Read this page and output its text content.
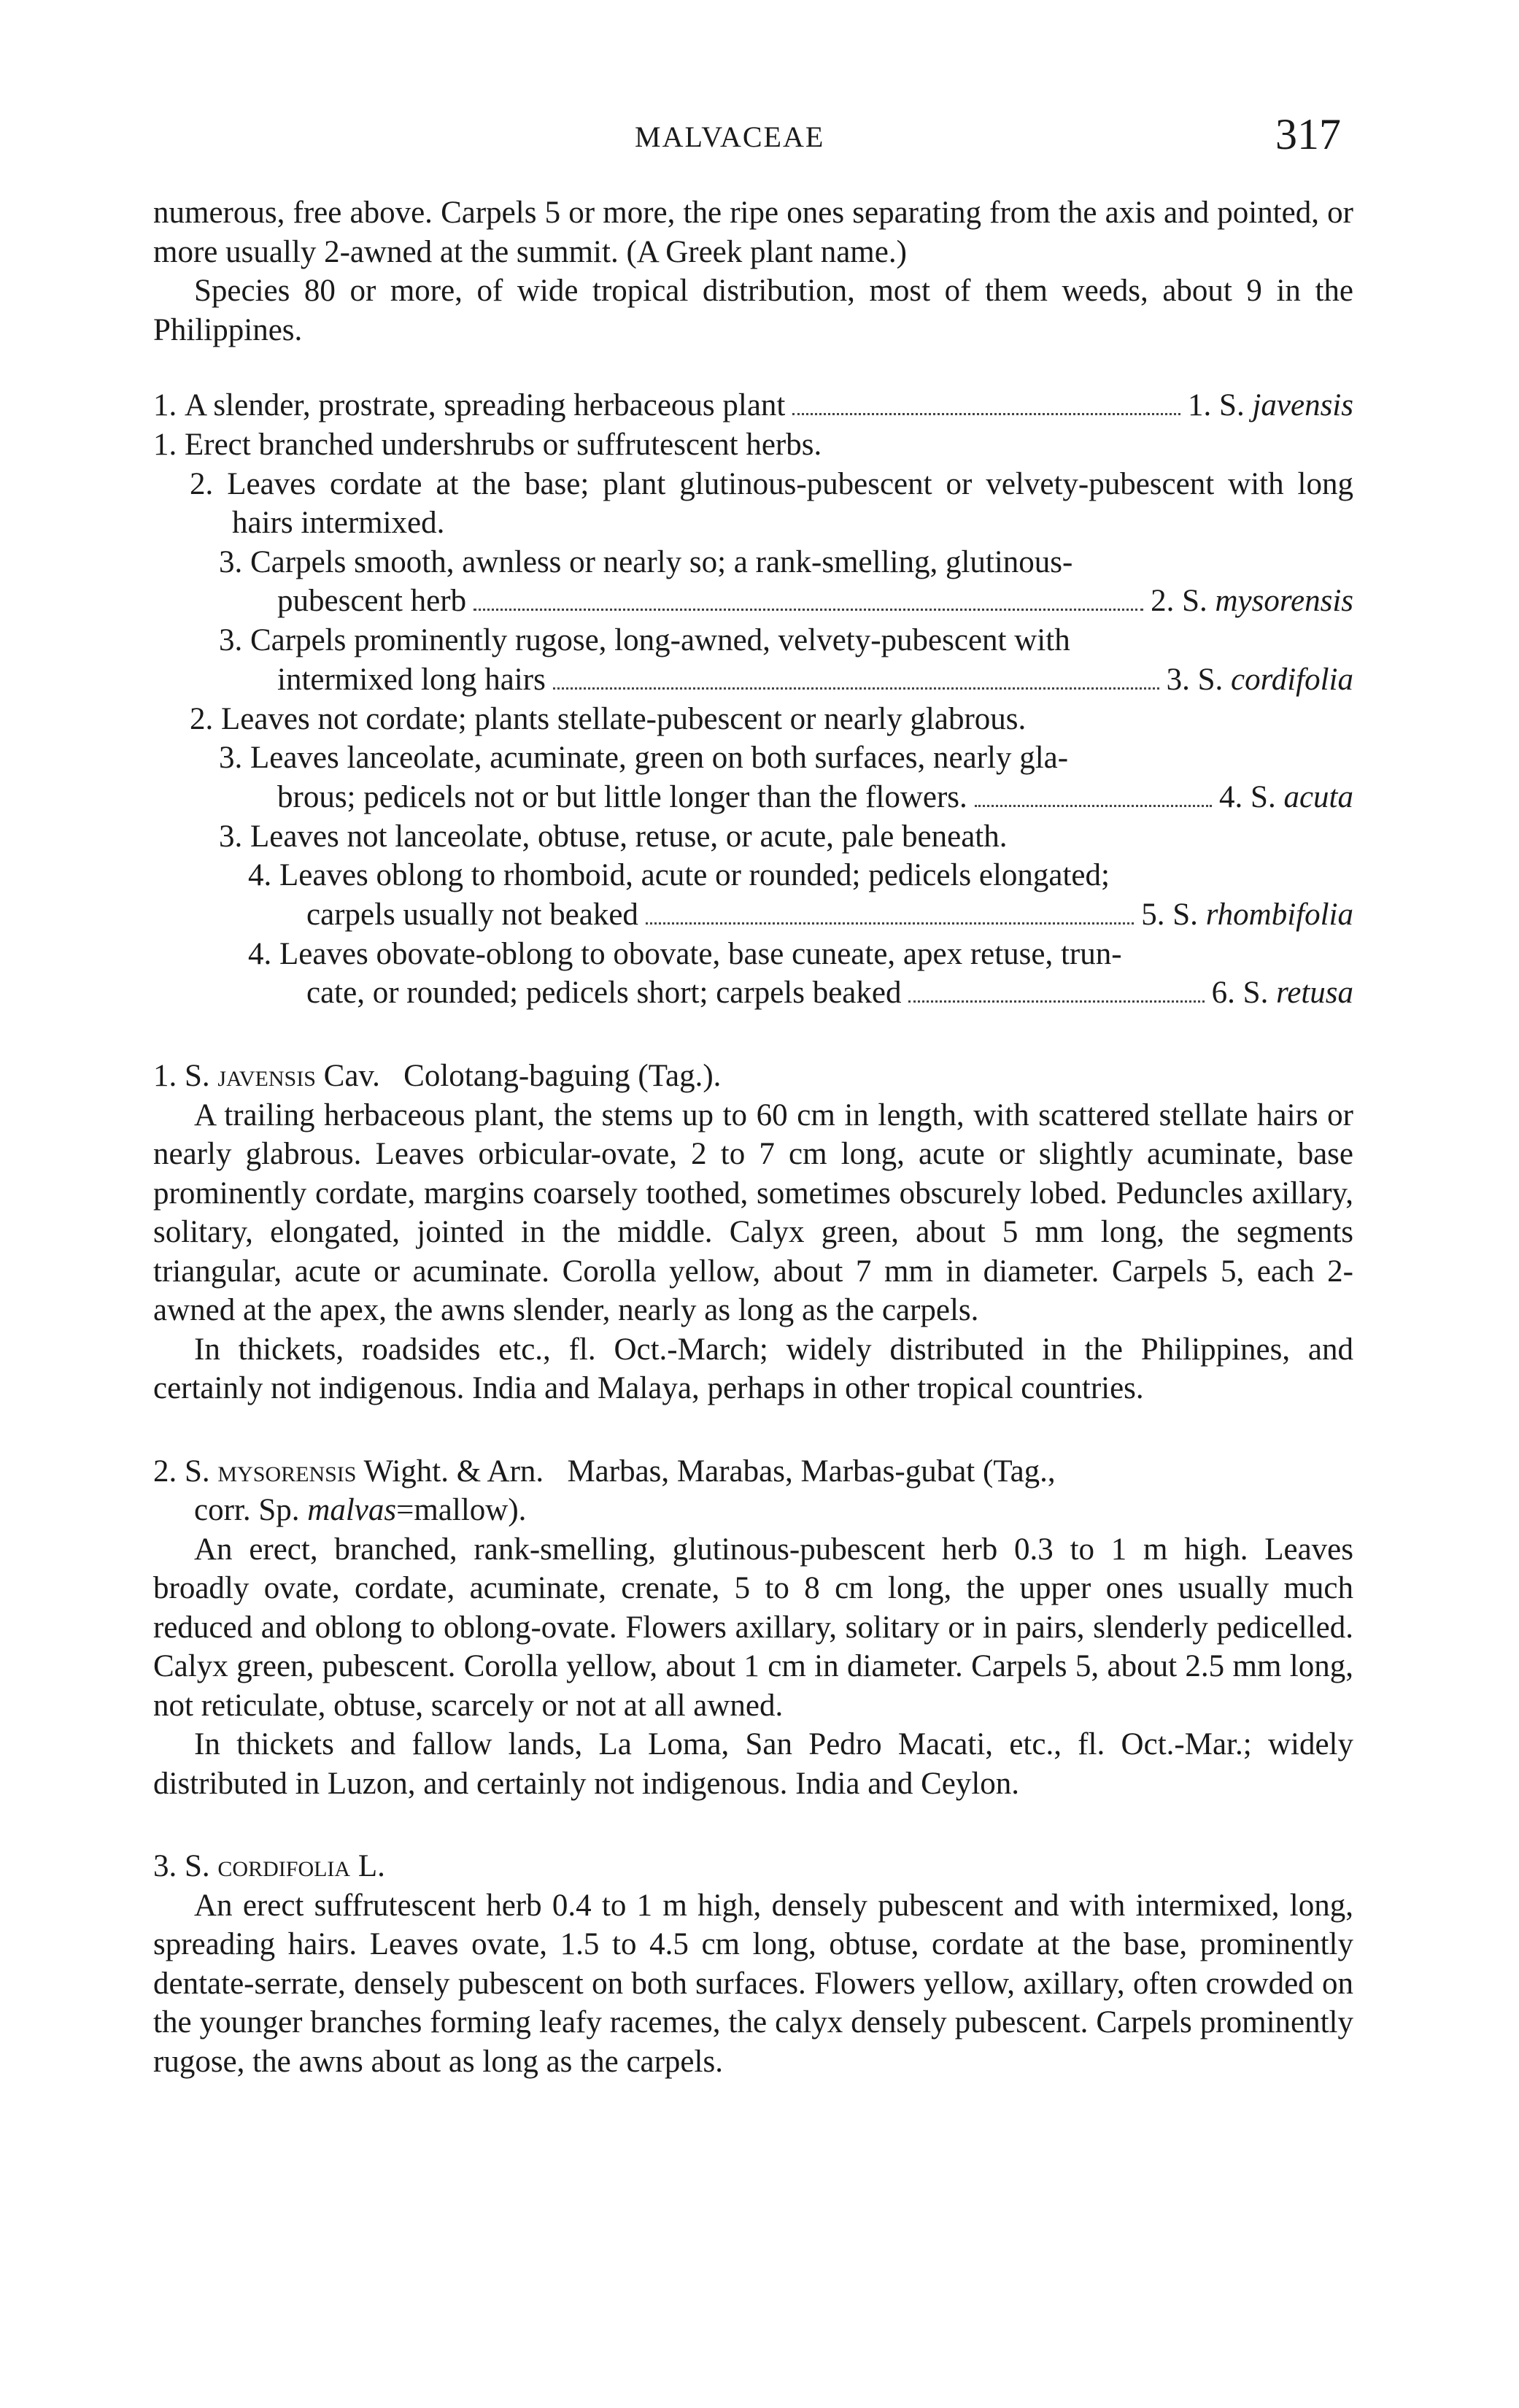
MALVACEAE	317

numerous, free above. Carpels 5 or more, the ripe ones separating from the axis and pointed, or more usually 2-awned at the summit. (A Greek plant name.)

Species 80 or more, of wide tropical distribution, most of them weeds, about 9 in the Philippines.

1.
A slender, prostrate, spreading herbaceous plant	1. S. javensis
1. Erect branched undershrubs or suffrutescent herbs.

2. Leaves cordate at the base; plant glutinous-pubescent or velvety-pubescent with long hairs intermixed.

3. Carpels smooth, awnless or nearly so; a rank-smelling, glutinous-

pubescent herb	2. S. mysorensis

3. Carpels prominently rugose, long-awned, velvety-pubescent with

intermixed long hairs	3. S. cordifolia
2. Leaves not cordate; plants stellate-pubescent or nearly glabrous.

3. Leaves lanceolate, acuminate, green on both surfaces, nearly gla-

brous; pedicels not or but little longer than the flowers.	4. S. acuta
3. Leaves not lanceolate, obtuse, retuse, or acute, pale beneath.

4. Leaves oblong to rhomboid, acute or rounded; pedicels elongated;

carpels usually not beaked	5. S. rhombifolia

4. Leaves obovate-oblong to obovate, base cuneate, apex retuse, trun-

cate, or rounded; pedicels short; carpels beaked	6. S. retusa

1. S. javensis Cav. Colotang-baguing (Tag.).

A trailing herbaceous plant, the stems up to 60 cm in length, with scattered stellate hairs or nearly glabrous. Leaves orbicular-ovate, 2 to 7 cm long, acute or slightly acuminate, base prominently cordate, margins coarsely toothed, sometimes obscurely lobed. Peduncles axillary, solitary, elongated, jointed in the middle. Calyx green, about 5 mm long, the segments triangular, acute or acuminate. Corolla yellow, about 7 mm in diameter. Carpels 5, each 2-awned at the apex, the awns slender, nearly as long as the carpels.

In thickets, roadsides etc., fl. Oct.-March; widely distributed in the Philippines, and certainly not indigenous. India and Malaya, perhaps in other tropical countries.

2. S. mysorensis Wight. & Arn. Marbas, Marabas, Marbas-gubat (Tag.,

corr. Sp. malvas=mallow).

An erect, branched, rank-smelling, glutinous-pubescent herb 0.3 to 1 m high. Leaves broadly ovate, cordate, acuminate, crenate, 5 to 8 cm long, the upper ones usually much reduced and oblong to oblong-ovate. Flowers axillary, solitary or in pairs, slenderly pedicelled. Calyx green, pubescent. Corolla yellow, about 1 cm in diameter. Carpels 5, about 2.5 mm long, not reticulate, obtuse, scarcely or not at all awned.

In thickets and fallow lands, La Loma, San Pedro Macati, etc., fl. Oct.-Mar.; widely distributed in Luzon, and certainly not indigenous. India and Ceylon.

3. S. cordifolia L.

An erect suffrutescent herb 0.4 to 1 m high, densely pubescent and with intermixed, long, spreading hairs. Leaves ovate, 1.5 to 4.5 cm long, obtuse, cordate at the base, prominently dentate-serrate, densely pubescent on both surfaces. Flowers yellow, axillary, often crowded on the younger branches forming leafy racemes, the calyx densely pubescent. Carpels prominently rugose, the awns about as long as the carpels.
